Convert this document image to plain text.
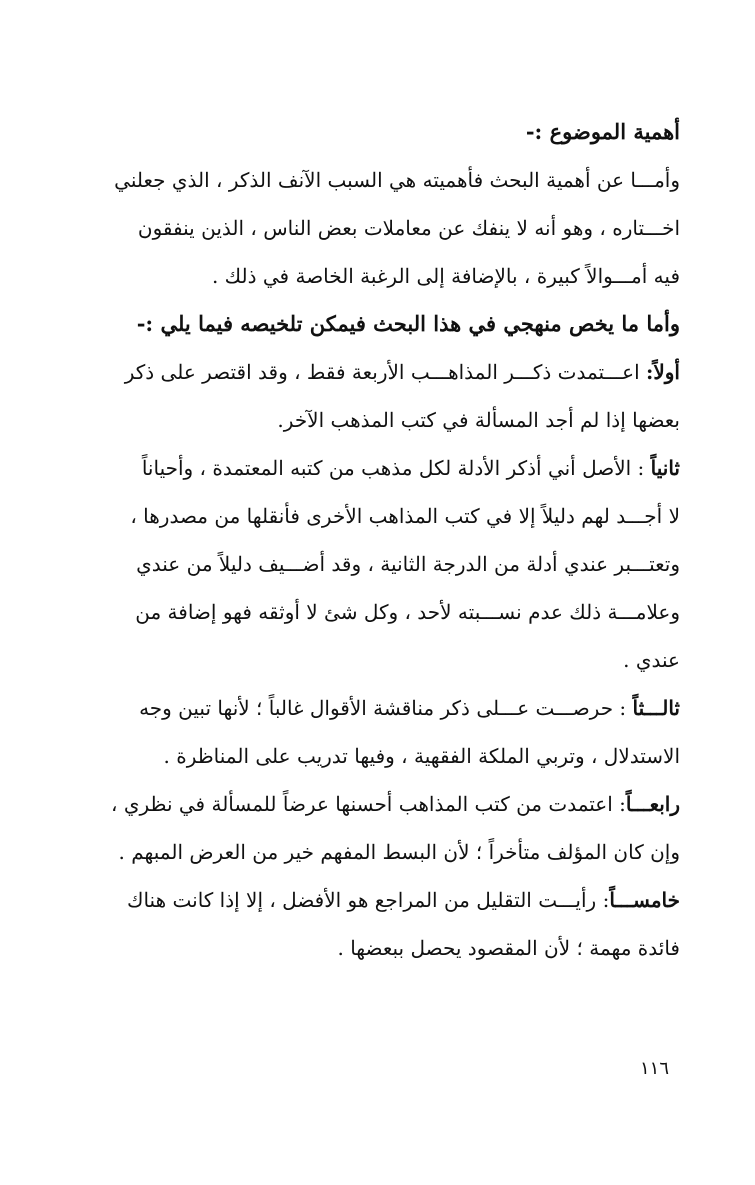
أهمية الموضوع :-
وأمـــا عن أهمية البحث فأهميته هي السبب الآنف الذكر ، الذي جعلني
اخـــتاره ، وهو أنه لا ينفك عن معاملات بعض الناس ، الذين ينفقون
فيه أمـــوالاً كبيرة ، بالإضافة إلى الرغبة الخاصة في ذلك .
وأما ما يخص منهجي في هذا البحث فيمكن تلخيصه فيما يلي :-
أولاً: اعـــتمدت ذكـــر المذاهـــب الأربعة فقط ، وقد اقتصر على ذكر
بعضها إذا لم أجد المسألة في كتب المذهب الآخر.
ثانياً : الأصل أني أذكر الأدلة لكل مذهب من كتبه المعتمدة ، وأحياناً
لا أجـــد لهم دليلاً إلا في كتب المذاهب الأخرى فأنقلها من مصدرها ،
وتعتـــبر عندي أدلة من الدرجة الثانية ، وقد أضـــيف دليلاً من عندي
وعلامـــة ذلك عدم نســـبته لأحد ، وكل شئ لا أوثقه فهو إضافة من
عندي .
ثالـــثاً : حرصـــت عـــلى ذكر مناقشة الأقوال غالباً ؛ لأنها تبين وجه
الاستدلال ، وتربي الملكة الفقهية ، وفيها تدريب على المناظرة .
رابعـــاً: اعتمدت من كتب المذاهب أحسنها عرضاً للمسألة في نظري ،
وإن كان المؤلف متأخراً ؛ لأن البسط المفهم خير من العرض المبهم .
خامســـاً: رأيـــت التقليل من المراجع هو الأفضل ، إلا إذا كانت هناك
فائدة مهمة ؛ لأن المقصود يحصل ببعضها .
١١٦
